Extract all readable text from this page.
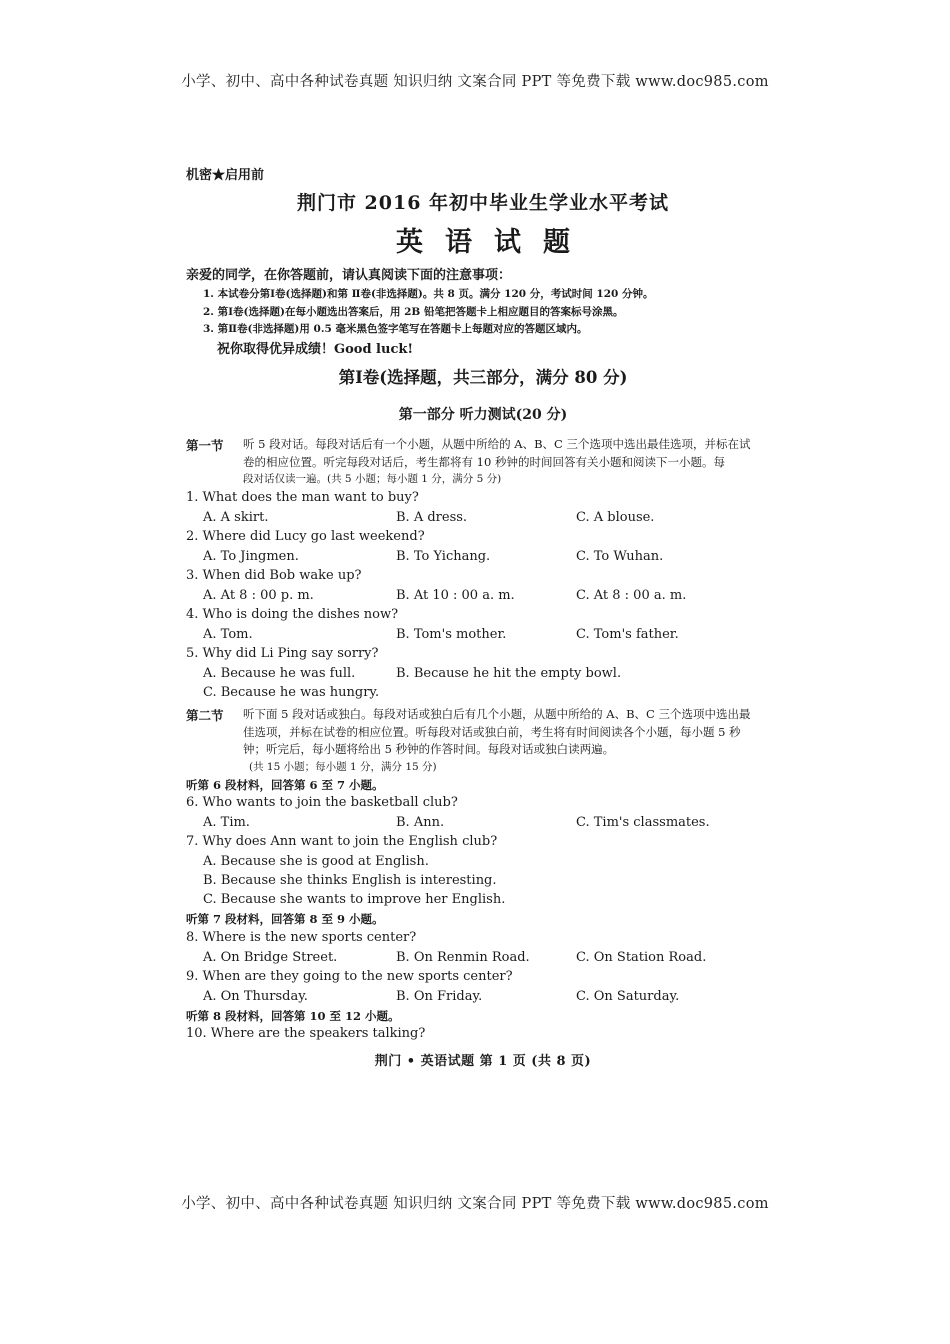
小学、初中、高中各种试卷真题 知识归纳 文案合同 PPT 等免费下载 www.doc985.com
机密★启用前
荆门市 2016 年初中毕业生学业水平考试
英语试题
亲爱的同学，在你答题前，请认真阅读下面的注意事项：
1. 本试卷分第Ⅰ卷(选择题)和第 Ⅱ卷(非选择题)。共 8 页。满分 120 分，考试时间 120 分钟。
2. 第Ⅰ卷(选择题)在每小题选出答案后，用 2B 铅笔把答题卡上相应题目的答案标号涂黑。
3. 第Ⅱ卷(非选择题)用 0.5 毫米黑色签字笔写在答题卡上每题对应的答题区域内。
祝你取得优异成绩！Good luck!
第Ⅰ卷(选择题，共三部分，满分 80 分)
第一部分 听力测试(20 分)
第一节 听 5 段对话。每段对话后有一个小题，从题中所给的 A、B、C 三个选项中选出最佳选项，并标在试
卷的相应位置。听完每段对话后，考生都将有 10 秒钟的时间回答有关小题和阅读下一小题。每
段对话仅读一遍。(共 5 小题；每小题 1 分，满分 5 分)
1. What does the man want to buy?
A. A skirt.	B. A dress.	C. A blouse.
2. Where did Lucy go last weekend?
A. To Jingmen.	B. To Yichang.	C. To Wuhan.
3. When did Bob wake up?
A. At 8 : 00 p. m.	B. At 10 : 00 a. m.	C. At 8 : 00 a. m.
4. Who is doing the dishes now?
A. Tom.	B. Tom's mother.	C. Tom's father.
5. Why did Li Ping say sorry?
A. Because he was full.	B. Because he hit the empty bowl.
C. Because he was hungry.
第二节 听下面 5 段对话或独白。每段对话或独白后有几个小题，从题中所给的 A、B、C 三个选项中选出最
佳选项，并标在试卷的相应位置。听每段对话或独白前，考生将有时间阅读各个小题，每小题 5 秒
钟；听完后，每小题将给出 5 秒钟的作答时间。每段对话或独白读两遍。
(共 15 小题；每小题 1 分，满分 15 分)
听第 6 段材料，回答第 6 至 7 小题。
6. Who wants to join the basketball club?
A. Tim.	B. Ann.	C. Tim's classmates.
7. Why does Ann want to join the English club?
A. Because she is good at English.
B. Because she thinks English is interesting.
C. Because she wants to improve her English.
听第 7 段材料，回答第 8 至 9 小题。
8. Where is the new sports center?
A. On Bridge Street.	B. On Renmin Road.	C. On Station Road.
9. When are they going to the new sports center?
A. On Thursday.	B. On Friday.	C. On Saturday.
听第 8 段材料，回答第 10 至 12 小题。
10. Where are the speakers talking?
荆门 • 英语试题 第 1 页 (共 8 页)
小学、初中、高中各种试卷真题 知识归纳 文案合同 PPT 等免费下载 www.doc985.com
